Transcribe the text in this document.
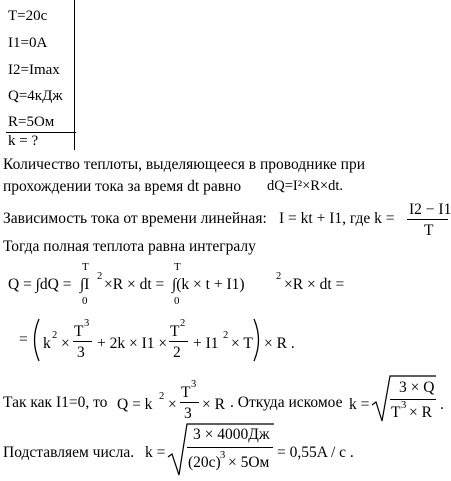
T=20c
I1=0A
I2=Imax
Q=4кДж
R=5Ом
k = ?
Количество теплоты, выделяющееся в проводнике при
прохождении тока за время dt равно dQ=I²×R×dt.
Зависимость тока от времени линейная: I = kt + I1, где k =
I2 − I1
T
Тогда полная теплота равна интегралу
Q = ∫dQ =
T
0
∫I 2 ×R × dt =
T
0
∫(k × t + I1)	2 ×R × dt =
= k 2 ×
T 3
3
+ 2k × I1 ×
T 2
2
+ I1 2 × T × R .
Так как I1=0, то Q = k 2 ×
T 3
3
× R . Откуда искомое k =
3 × Q
T 3 × R .
Подставляем числа. k =
3 × 4000Дж
(20c) 3 × 5Ом
= 0,55A / c .
